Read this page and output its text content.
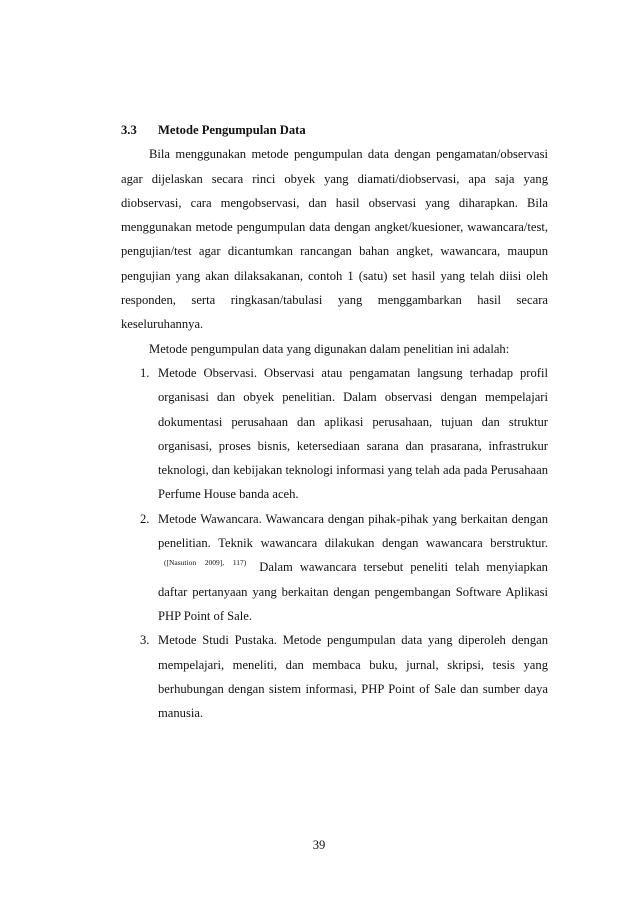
3.3	Metode Pengumpulan Data

Bila menggunakan metode pengumpulan data dengan pengamatan/observasi agar dijelaskan secara rinci obyek yang diamati/diobservasi, apa saja yang diobservasi, cara mengobservasi, dan hasil observasi yang diharapkan. Bila menggunakan metode pengumpulan data dengan angket/kuesioner, wawancara/test, pengujian/test agar dicantumkan rancangan bahan angket, wawancara, maupun pengujian yang akan dilaksakanan, contoh 1 (satu) set hasil yang telah diisi oleh responden, serta ringkasan/tabulasi yang menggambarkan hasil secara keseluruhannya.

Metode pengumpulan data yang digunakan dalam penelitian ini adalah:

1. Metode Observasi. Observasi atau pengamatan langsung terhadap profil organisasi dan obyek penelitian. Dalam observasi dengan mempelajari dokumentasi perusahaan dan aplikasi perusahaan, tujuan dan struktur organisasi, proses bisnis, ketersediaan sarana dan prasarana, infrastrukur teknologi, dan kebijakan teknologi informasi yang telah ada pada Perusahaan Perfume House banda aceh.
2. Metode Wawancara. Wawancara dengan pihak-pihak yang berkaitan dengan penelitian. Teknik wawancara dilakukan dengan wawancara berstruktur. $^{([Nasution 2009], 117)}$ Dalam wawancara tersebut peneliti telah menyiapkan daftar pertanyaan yang berkaitan dengan pengembangan Software Aplikasi PHP Point of Sale.
3. Metode Studi Pustaka. Metode pengumpulan data yang diperoleh dengan mempelajari, meneliti, dan membaca buku, jurnal, skripsi, tesis yang berhubungan dengan sistem informasi, PHP Point of Sale dan sumber daya manusia.
39
